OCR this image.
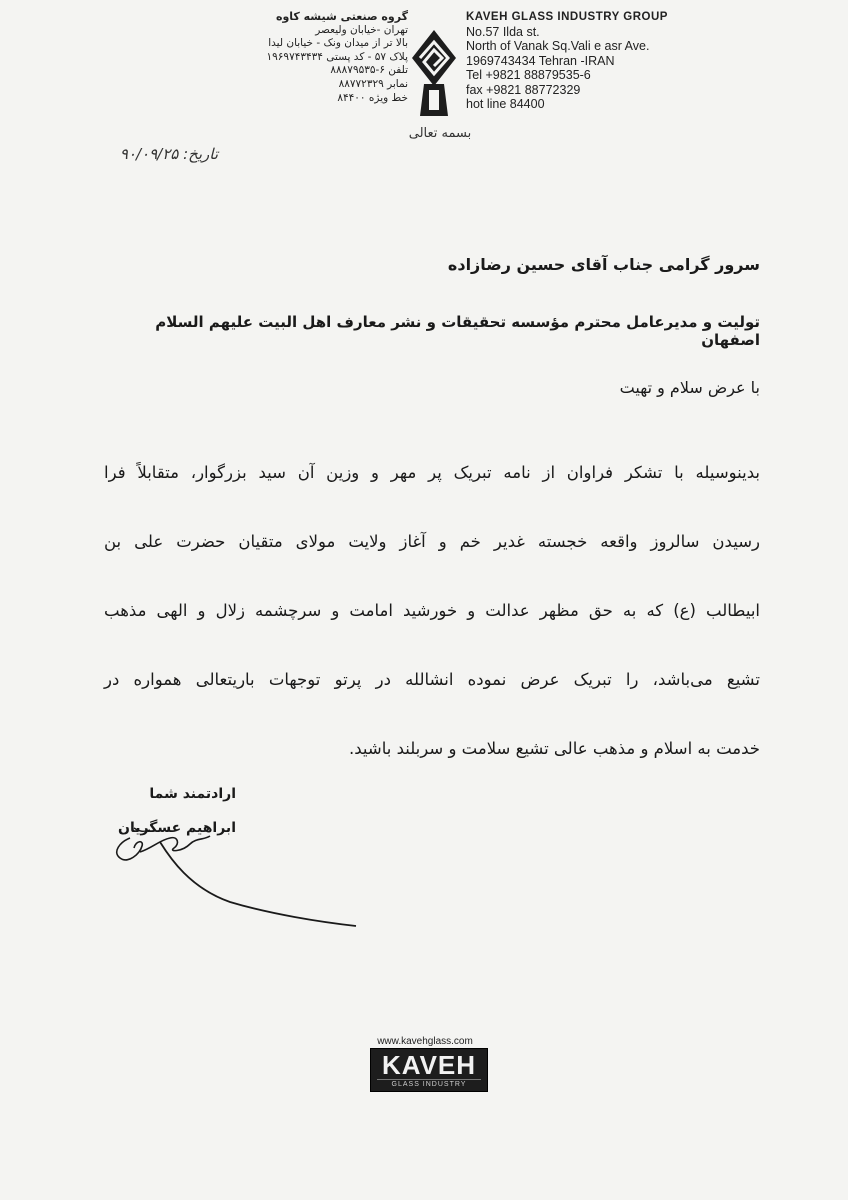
گروه صنعتی شیشه کاوه
تهران -خیابان ولیعصر
بالا تر از میدان ونک - خیابان لیدا
پلاک ۵۷ - کد پستی ۱۹۶۹۷۴۳۴۳۴
تلفن ۶-۸۸۸۷۹۵۳۵
نمابر ۸۸۷۷۲۳۲۹
خط ویژه ۸۴۴۰۰
KAVEH GLASS INDUSTRY GROUP
No.57 Ilda st.
North of Vanak Sq.Vali e asr Ave.
1969743434 Tehran -IRAN
Tel +9821 88879535-6
fax +9821 88772329
hot line 84400
بسمه تعالی
تاریخ: ۹۰/۰۹/۲۵
سرور گرامی جناب آقای حسین رضازاده
تولیت و مدیرعامل محترم مؤسسه تحقیقات و نشر معارف اهل البیت علیهم السلام اصفهان
با عرض سلام و تهیت
بدینوسیله با تشکر فراوان از نامه تبریک پر مهر و وزین آن سید بزرگوار، متقابلاً فرا
رسیدن سالروز واقعه خجسته غدیر خم و آغاز ولایت مولای متقیان حضرت علی بن
ابیطالب (ع) که به حق مظهر عدالت و خورشید امامت و سرچشمه زلال و الهی مذهب
تشیع می‌باشد، را تبریک عرض نموده انشالله در پرتو توجهات باریتعالی همواره در
خدمت به اسلام و مذهب عالی تشیع سلامت و سربلند باشید.
ارادتمند شما
ابراهیم عسگریان
www.kavehglass.com
KAVEH
GLASS INDUSTRY
